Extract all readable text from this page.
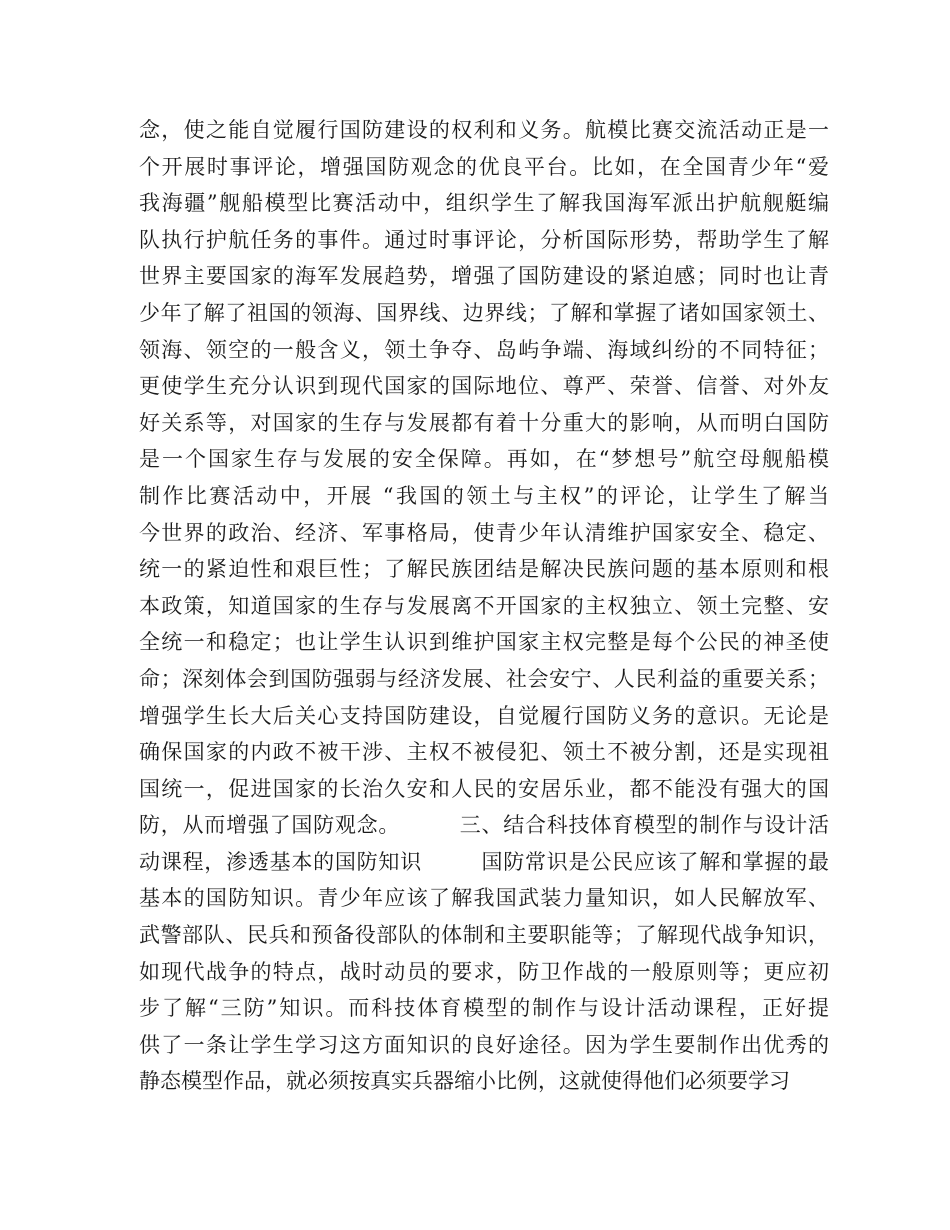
念，使之能自觉履行国防建设的权利和义务。航模比赛交流活动正是一
个开展时事评论，增强国防观念的优良平台。比如，在全国青少年“爱
我海疆”舰船模型比赛活动中，组织学生了解我国海军派出护航舰艇编
队执行护航任务的事件。通过时事评论，分析国际形势，帮助学生了解
世界主要国家的海军发展趋势，增强了国防建设的紧迫感；同时也让青
少年了解了祖国的领海、国界线、边界线；了解和掌握了诸如国家领土、
领海、领空的一般含义，领土争夺、岛屿争端、海域纠纷的不同特征；
更使学生充分认识到现代国家的国际地位、尊严、荣誉、信誉、对外友
好关系等，对国家的生存与发展都有着十分重大的影响，从而明白国防
是一个国家生存与发展的安全保障。再如，在“梦想号”航空母舰船模
制作比赛活动中，开展 “我国的领土与主权”的评论，让学生了解当
今世界的政治、经济、军事格局，使青少年认清维护国家安全、稳定、
统一的紧迫性和艰巨性；了解民族团结是解决民族问题的基本原则和根
本政策，知道国家的生存与发展离不开国家的主权独立、领土完整、安
全统一和稳定；也让学生认识到维护国家主权完整是每个公民的神圣使
命；深刻体会到国防强弱与经济发展、社会安宁、人民利益的重要关系；
增强学生长大后关心支持国防建设，自觉履行国防义务的意识。无论是
确保国家的内政不被干涉、主权不被侵犯、领土不被分割，还是实现祖
国统一，促进国家的长治久安和人民的安居乐业，都不能没有强大的国
防，从而增强了国防观念。        三、结合科技体育模型的制作与设计活
动课程，渗透基本的国防知识        国防常识是公民应该了解和掌握的最
基本的国防知识。青少年应该了解我国武装力量知识，如人民解放军、
武警部队、民兵和预备役部队的体制和主要职能等；了解现代战争知识，
如现代战争的特点，战时动员的要求，防卫作战的一般原则等；更应初
步了解“三防”知识。而科技体育模型的制作与设计活动课程，正好提
供了一条让学生学习这方面知识的良好途径。因为学生要制作出优秀的
静态模型作品，就必须按真实兵器缩小比例，这就使得他们必须要学习
